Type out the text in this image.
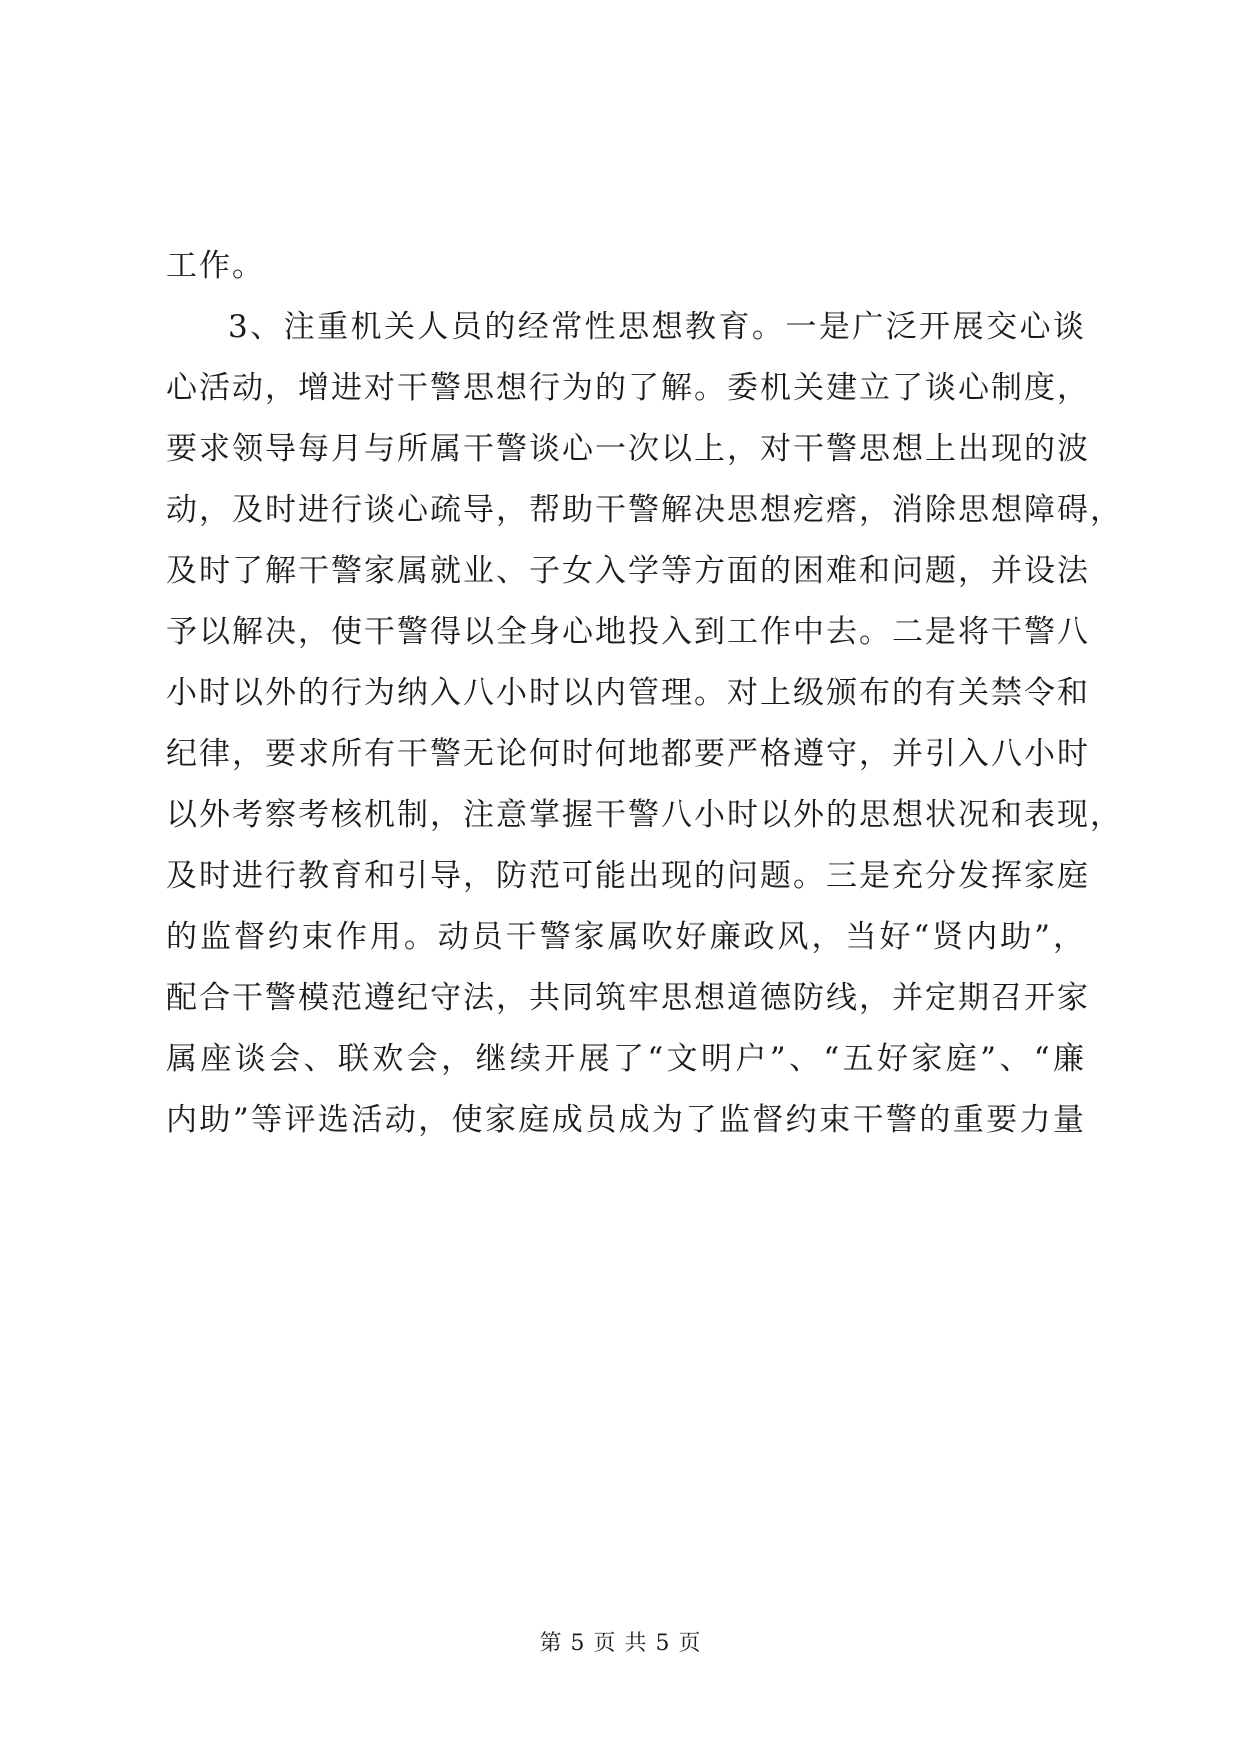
工作。
3、注重机关人员的经常性思想教育。一是广泛开展交心谈
心活动，增进对干警思想行为的了解。委机关建立了谈心制度，
要求领导每月与所属干警谈心一次以上，对干警思想上出现的波
动，及时进行谈心疏导，帮助干警解决思想疙瘩，消除思想障碍，
及时了解干警家属就业、子女入学等方面的困难和问题，并设法
予以解决，使干警得以全身心地投入到工作中去。二是将干警八
小时以外的行为纳入八小时以内管理。对上级颁布的有关禁令和
纪律，要求所有干警无论何时何地都要严格遵守，并引入八小时
以外考察考核机制，注意掌握干警八小时以外的思想状况和表现，
及时进行教育和引导，防范可能出现的问题。三是充分发挥家庭
的监督约束作用。动员干警家属吹好廉政风，当好“贤内助”，
配合干警模范遵纪守法，共同筑牢思想道德防线，并定期召开家
属座谈会、联欢会，继续开展了“文明户”、“五好家庭”、“廉
内助”等评选活动，使家庭成员成为了监督约束干警的重要力量
第 5 页 共 5 页
